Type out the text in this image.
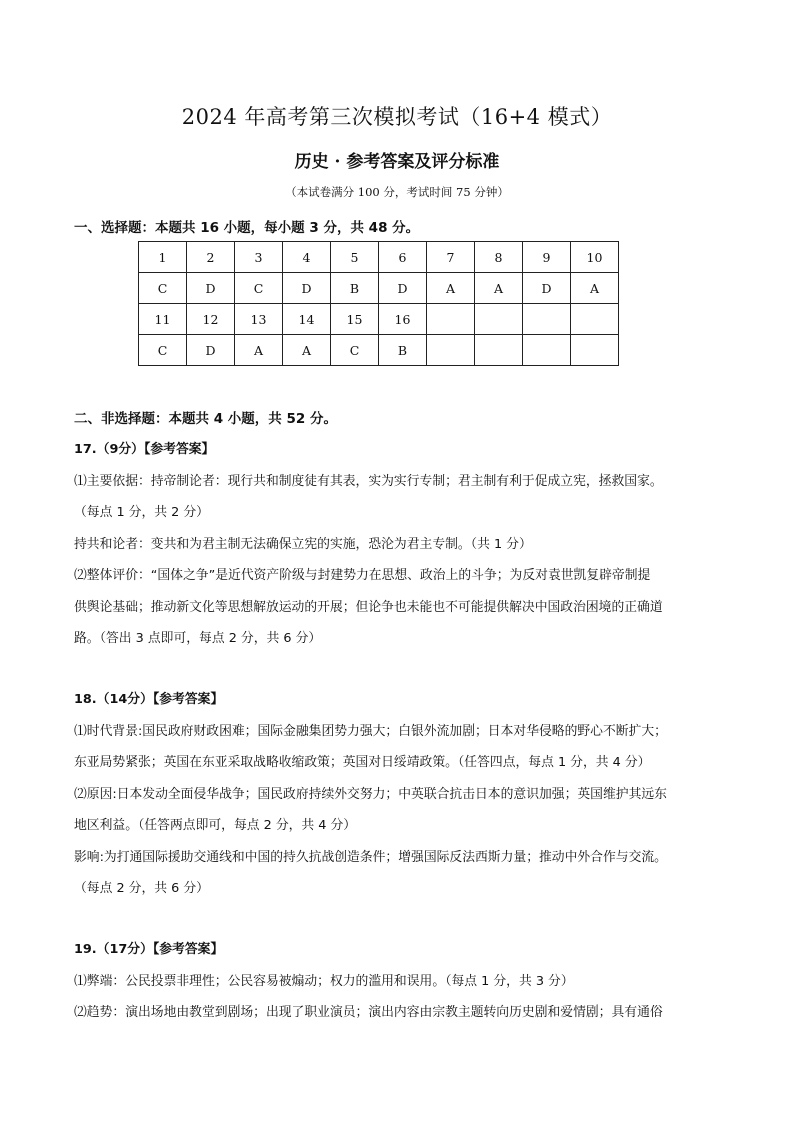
2024 年高考第三次模拟考试（16+4 模式）
历史 · 参考答案及评分标准
（本试卷满分 100 分，考试时间 75 分钟）
一、选择题：本题共 16 小题，每小题 3 分，共 48 分。
1	2	3	4	5	6	7	8	9	10
C	D	C	D	B	D	A	A	D	A
11	12	13	14	15	16				
C	D	A	A	C	B				
二、非选择题：本题共 4 小题，共 52 分。
17.（9分）【参考答案】
⑴主要依据：持帝制论者：现行共和制度徒有其表，实为实行专制；君主制有利于促成立宪，拯救国家。
（每点 1 分，共 2 分）
持共和论者：变共和为君主制无法确保立宪的实施，恐沦为君主专制。（共 1 分）
⑵整体评价：“国体之争”是近代资产阶级与封建势力在思想、政治上的斗争；为反对袁世凯复辟帝制提
供舆论基础；推动新文化等思想解放运动的开展；但论争也未能也不可能提供解决中国政治困境的正确道
路。（答出 3 点即可，每点 2 分，共 6 分）
18.（14分）【参考答案】
⑴时代背景:国民政府财政困难；国际金融集团势力强大；白银外流加剧；日本对华侵略的野心不断扩大；
东亚局势紧张；英国在东亚采取战略收缩政策；英国对日绥靖政策。（任答四点，每点 1 分，共 4 分）
⑵原因:日本发动全面侵华战争；国民政府持续外交努力；中英联合抗击日本的意识加强；英国维护其远东
地区利益。（任答两点即可，每点 2 分，共 4 分）
影响:为打通国际援助交通线和中国的持久抗战创造条件；增强国际反法西斯力量；推动中外合作与交流。
（每点 2 分，共 6 分）
19.（17分）【参考答案】
⑴弊端：公民投票非理性；公民容易被煽动；权力的滥用和误用。（每点 1 分，共 3 分）
⑵趋势：演出场地由教堂到剧场；出现了职业演员；演出内容由宗教主题转向历史剧和爱情剧；具有通俗
